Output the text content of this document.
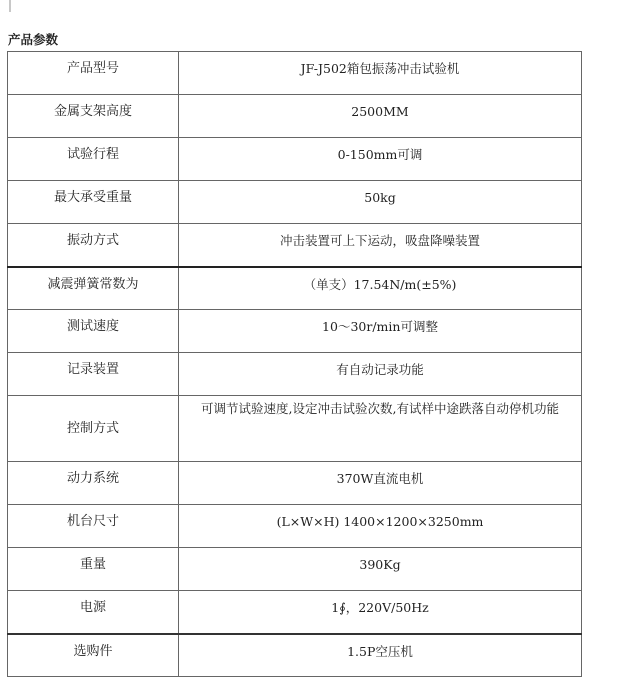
产品参数
产品型号	JF-J502箱包振荡冲击试验机

金属支架高度	2500MM

试验行程	0-150mm可调

最大承受重量	50kg

振动方式	冲击装置可上下运动，吸盘降噪装置

减震弹簧常数为	（单支）17.54N/m(±5%)

测试速度	10～30r/min可调整

记录装置	有自动记录功能

控制方式	可调节试验速度,设定冲击试验次数,有试样中途跌落自动停机功能

动力系统	370W直流电机

机台尺寸	(L×W×H) 1400×1200×3250mm

重量	390Kg

电源	1∮，220V/50Hz

选购件	1.5P空压机
